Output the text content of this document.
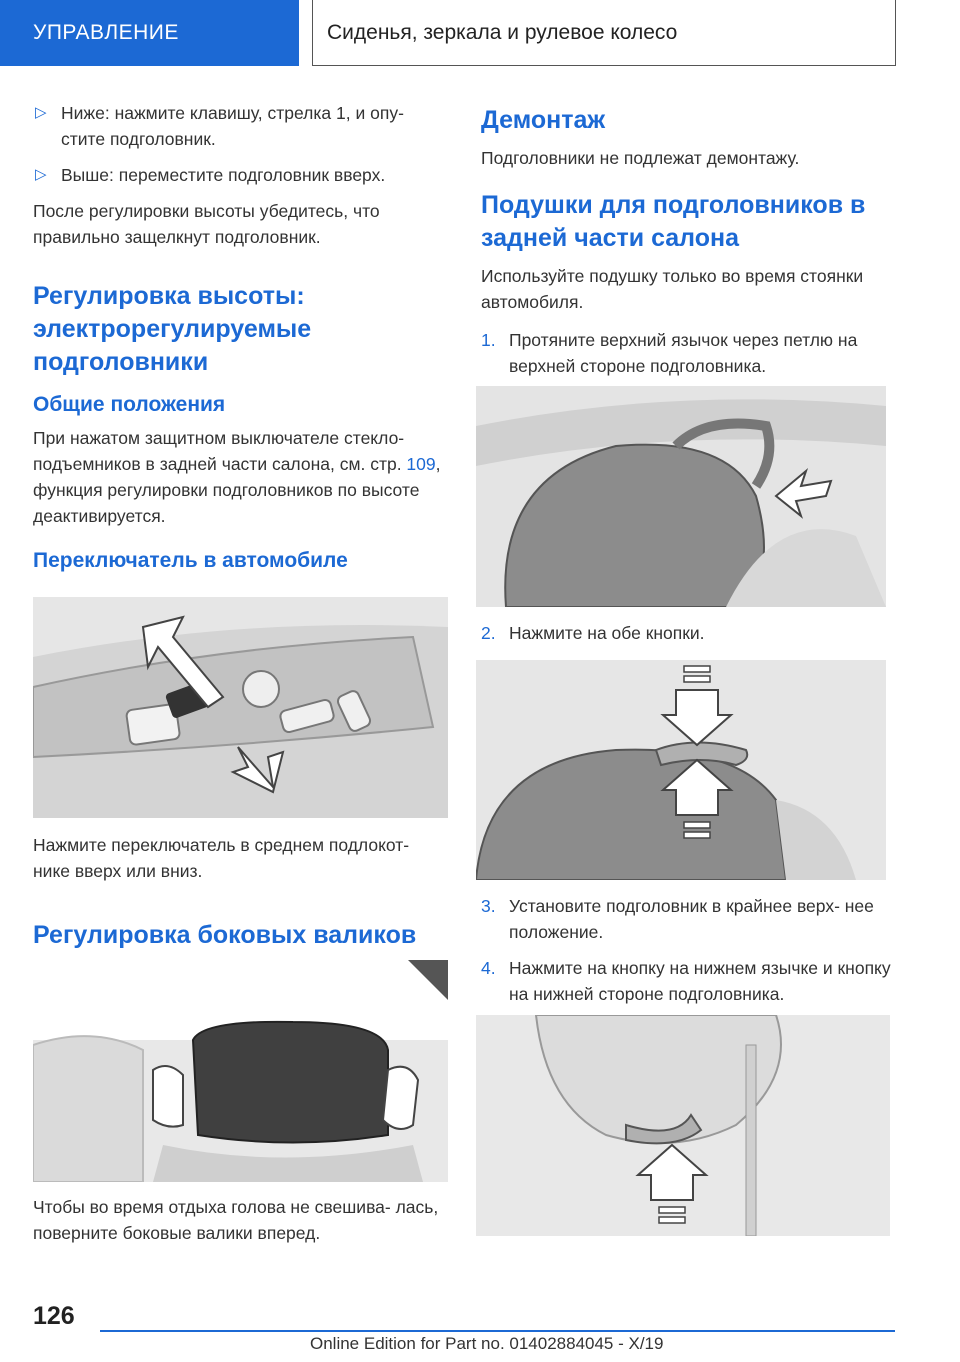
УПРАВЛЕНИЕ	Сиденья, зеркала и рулевое колесо
▷ Ниже: нажмите клавишу, стрелка 1, и опу- стите подголовник.
▷ Выше: переместите подголовник вверх.

После регулировки высоты убедитесь, что правильно защелкнут подголовник.

Регулировка высоты: электрорегулируемые подголовники
Общие положения

При нажатом защитном выключателе стекло- подъемников в задней части салона, см. стр. 109, функция регулировки подголовников по высоте деактивируется.

Переключатель в автомобиле

Нажмите переключатель в среднем подлокот- нике вверх или вниз.

Регулировка боковых валиков

Чтобы во время отдыха голова не свешива- лась, поверните боковые валики вперед.

Демонтаж

Подголовники не подлежат демонтажу.

Подушки для подголовников в задней части салона

Используйте подушку только во время стоянки автомобиля.

1. Протяните верхний язычок через петлю на верхней стороне подголовника.
2. Нажмите на обе кнопки.
3. Установите подголовник в крайнее верх- нее положение.
4. Нажмите на кнопку на нижнем язычке и кнопку на нижней стороне подголовника.
126
Online Edition for Part no. 01402884045 - X/19
